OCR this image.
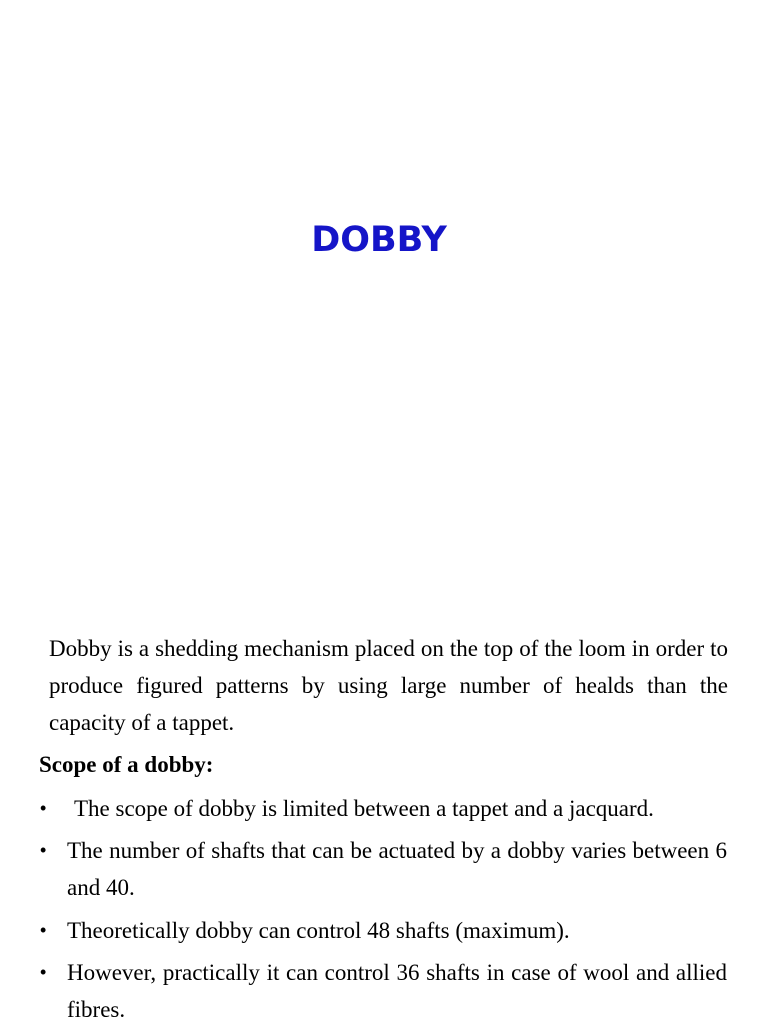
DOBBY

Dobby is a shedding mechanism placed on the top of the loom in order to produce figured patterns by using large number of healds than the capacity of a tappet.

Scope of a dobby:

• The scope of dobby is limited between a tappet and a jacquard.

• The number of shafts that can be actuated by a dobby varies between 6 and 40.

• Theoretically dobby can control 48 shafts (maximum).

• However, practically it can control 36 shafts in case of wool and allied fibres.
